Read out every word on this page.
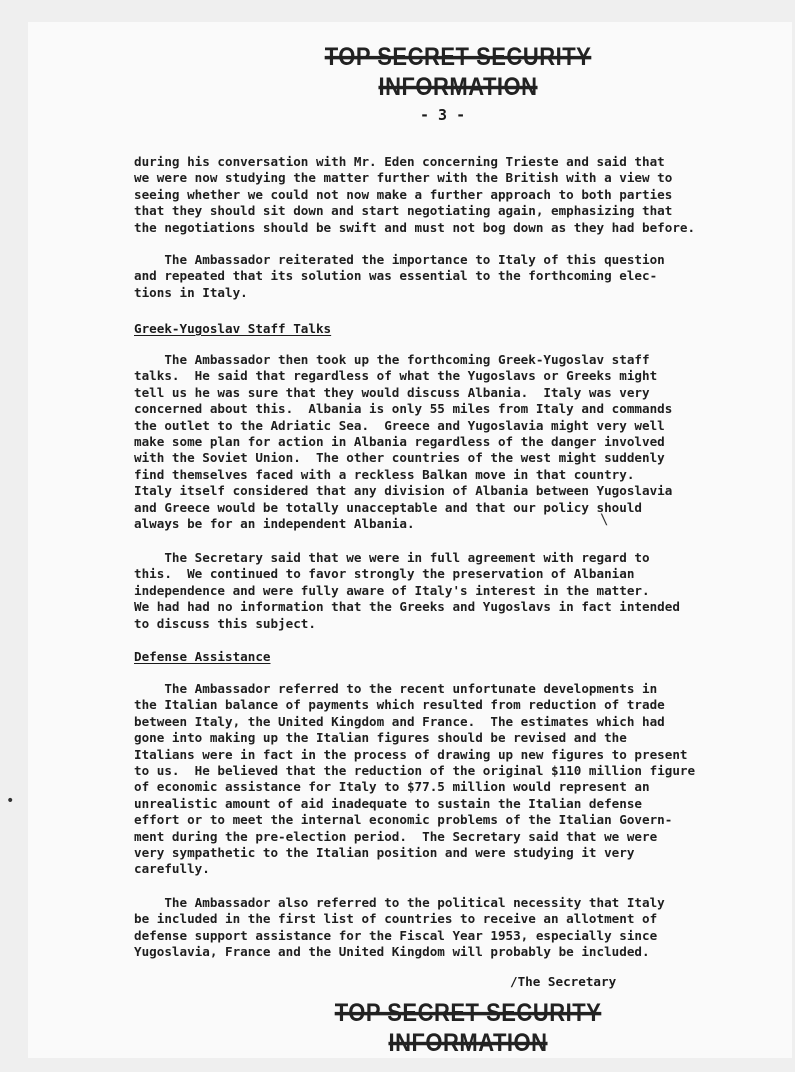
TOP SECRET SECURITY INFORMATION
- 3 -

during his conversation with Mr. Eden concerning Trieste and said that
we were now studying the matter further with the British with a view to
seeing whether we could not now make a further approach to both parties
that they should sit down and start negotiating again, emphasizing that
the negotiations should be swift and must not bog down as they had before.

The Ambassador reiterated the importance to Italy of this question
and repeated that its solution was essential to the forthcoming elec-
tions in Italy.

Greek-Yugoslav Staff Talks

The Ambassador then took up the forthcoming Greek-Yugoslav staff
talks.  He said that regardless of what the Yugoslavs or Greeks might
tell us he was sure that they would discuss Albania.  Italy was very
concerned about this.  Albania is only 55 miles from Italy and commands
the outlet to the Adriatic Sea.  Greece and Yugoslavia might very well
make some plan for action in Albania regardless of the danger involved
with the Soviet Union.  The other countries of the west might suddenly
find themselves faced with a reckless Balkan move in that country.
Italy itself considered that any division of Albania between Yugoslavia
and Greece would be totally unacceptable and that our policy should
always be for an independent Albania.

The Secretary said that we were in full agreement with regard to
this.  We continued to favor strongly the preservation of Albanian
independence and were fully aware of Italy's interest in the matter.
We had had no information that the Greeks and Yugoslavs in fact intended
to discuss this subject.

Defense Assistance

The Ambassador referred to the recent unfortunate developments in
the Italian balance of payments which resulted from reduction of trade
between Italy, the United Kingdom and France.  The estimates which had
gone into making up the Italian figures should be revised and the
Italians were in fact in the process of drawing up new figures to present
to us.  He believed that the reduction of the original $110 million figure
of economic assistance for Italy to $77.5 million would represent an
unrealistic amount of aid inadequate to sustain the Italian defense
effort or to meet the internal economic problems of the Italian Govern-
ment during the pre-election period.  The Secretary said that we were
very sympathetic to the Italian position and were studying it very
carefully.

The Ambassador also referred to the political necessity that Italy
be included in the first list of countries to receive an allotment of
defense support assistance for the Fiscal Year 1953, especially since
Yugoslavia, France and the United Kingdom will probably be included.

/The Secretary
TOP SECRET SECURITY INFORMATION
\
•
